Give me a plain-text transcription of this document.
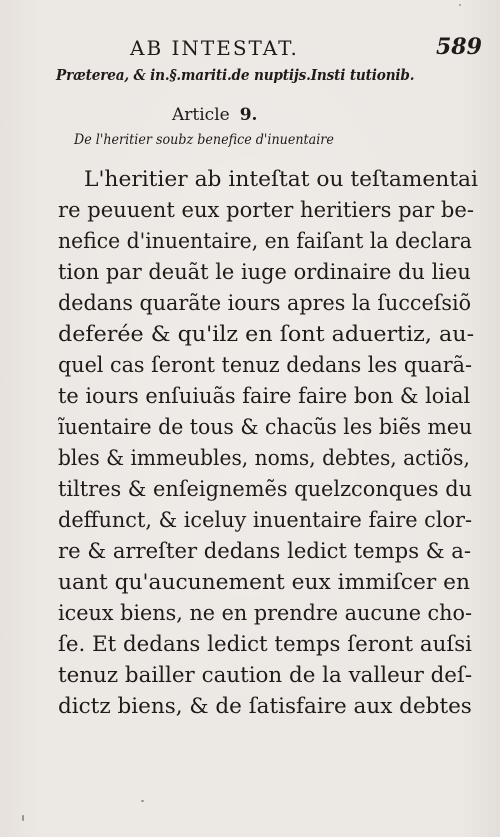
AB INTESTAT.	589
Præterea, & in.§.mariti.de nuptijs.Insti tutionib.
Article 9.
De l'heritier soubz benefice d'inuentaire
L'heritier ab inteſtat ou teſtamentai
re peuuent eux porter heritiers par be-
nefice d'inuentaire, en faiſant la declara
tion par deuãt le iuge ordinaire du lieu
dedans quarãte iours apres la ſucceſsiõ
deferée & qu'ilz en ſont aduertiz, au-
quel cas ſeront tenuz dedans les quarã-
te iours enſuiuãs faire faire bon & loial
ĩuentaire de tous & chacũs les biẽs meu
bles & immeubles, noms, debtes, actiõs,
tiltres & enſeignemẽs quelzconques du
deffunct, & iceluy inuentaire faire clor-
re & arreſter dedans ledict temps & a-
uant qu'aucunement eux immiſcer en
iceux biens, ne en prendre aucune cho-
ſe. Et dedans ledict temps ſeront auſsi
tenuz bailler caution de la valleur deſ-
dictz biens, & de ſatisfaire aux debtes
